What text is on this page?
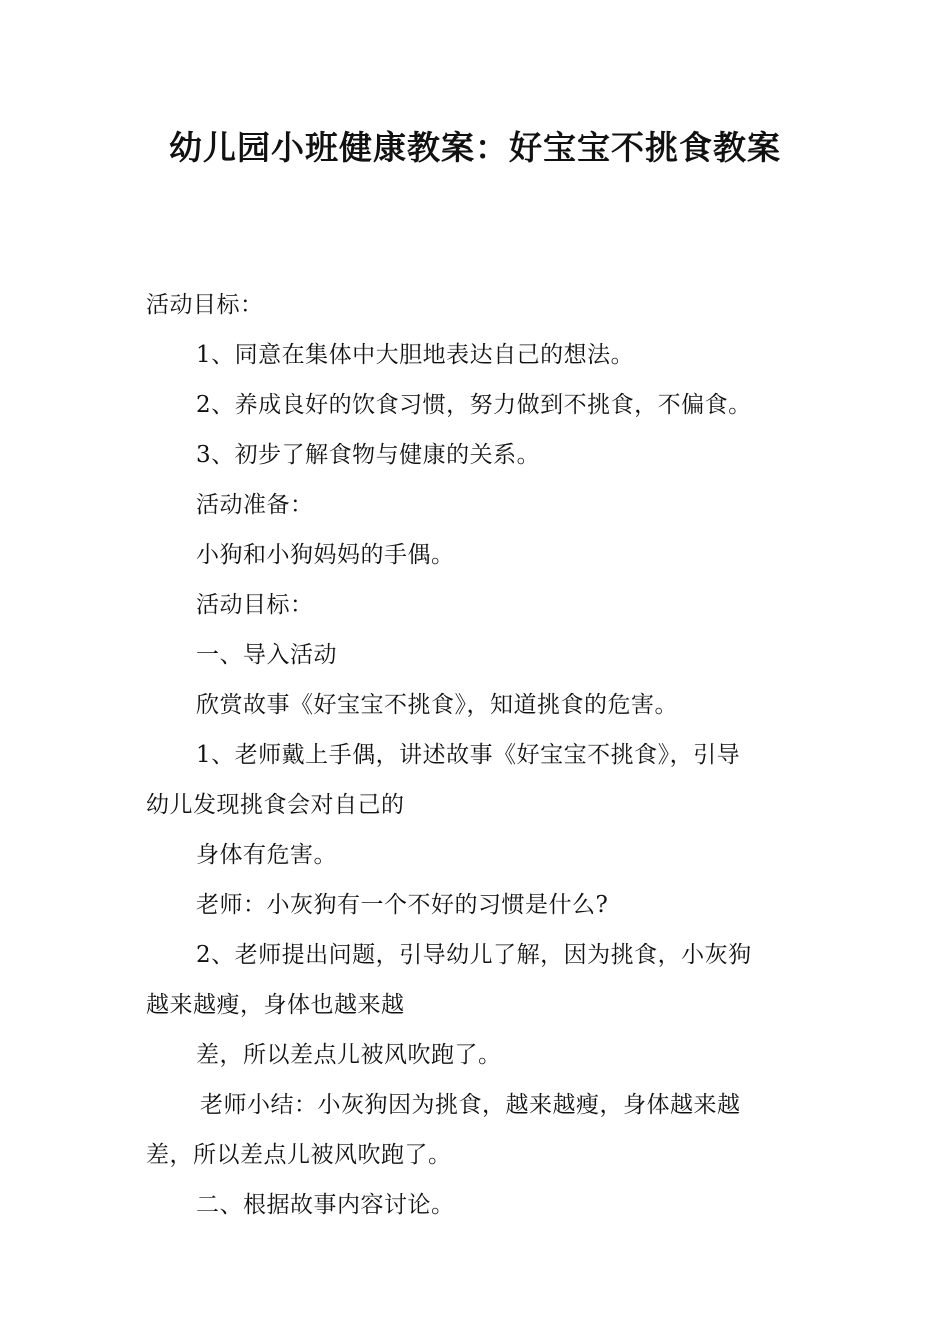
幼儿园小班健康教案：好宝宝不挑食教案

活动目标：

1、同意在集体中大胆地表达自己的想法。

2、养成良好的饮食习惯，努力做到不挑食，不偏食。

3、初步了解食物与健康的关系。

活动准备：

小狗和小狗妈妈的手偶。

活动目标：

一、导入活动

欣赏故事《好宝宝不挑食》，知道挑食的危害。

1、老师戴上手偶，讲述故事《好宝宝不挑食》，引导

幼儿发现挑食会对自己的

身体有危害。

老师：小灰狗有一个不好的习惯是什么?

2、老师提出问题，引导幼儿了解，因为挑食，小灰狗

越来越瘦，身体也越来越

差，所以差点儿被风吹跑了。

老师小结：小灰狗因为挑食，越来越瘦，身体越来越

差，所以差点儿被风吹跑了。

二、根据故事内容讨论。
